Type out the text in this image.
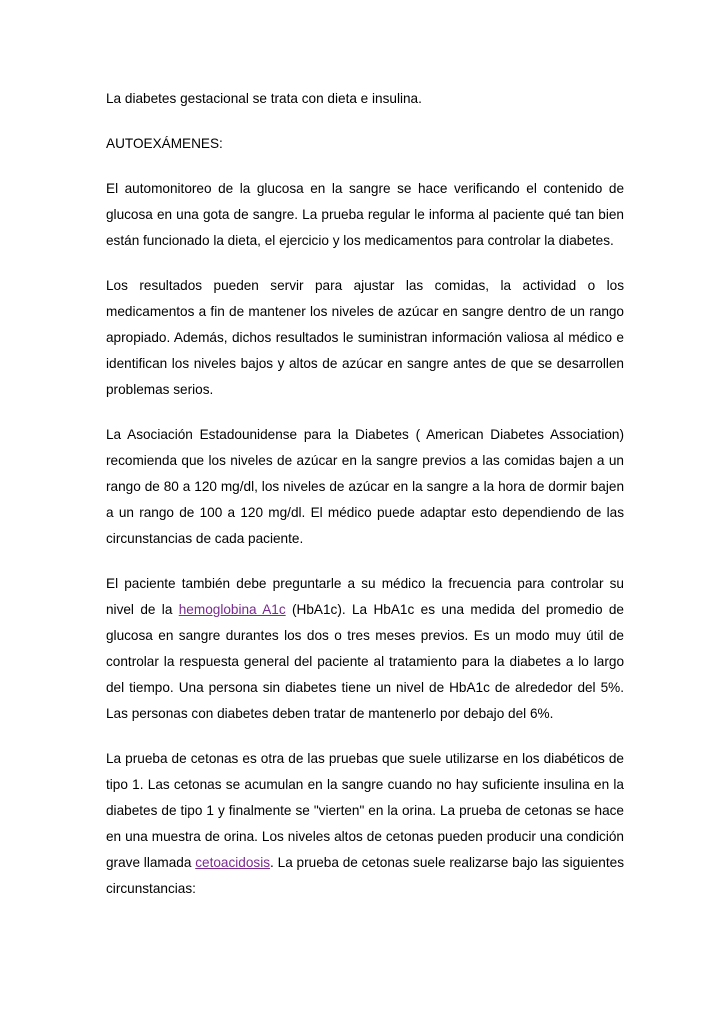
La diabetes gestacional se trata con dieta e insulina.

AUTOEXÁMENES:

El automonitoreo de la glucosa en la sangre se hace verificando el contenido de glucosa en una gota de sangre. La prueba regular le informa al paciente qué tan bien están funcionado la dieta, el ejercicio y los medicamentos para controlar la diabetes.

Los resultados pueden servir para ajustar las comidas, la actividad o los medicamentos a fin de mantener los niveles de azúcar en sangre dentro de un rango apropiado. Además, dichos resultados le suministran información valiosa al médico e identifican los niveles bajos y altos de azúcar en sangre antes de que se desarrollen problemas serios.

La Asociación Estadounidense para la Diabetes ( American Diabetes Association) recomienda que los niveles de azúcar en la sangre previos a las comidas bajen a un rango de 80 a 120 mg/dl, los niveles de azúcar en la sangre a la hora de dormir bajen a un rango de 100 a 120 mg/dl. El médico puede adaptar esto dependiendo de las circunstancias de cada paciente.

El paciente también debe preguntarle a su médico la frecuencia para controlar su nivel de la hemoglobina A1c (HbA1c). La HbA1c es una medida del promedio de glucosa en sangre durantes los dos o tres meses previos. Es un modo muy útil de controlar la respuesta general del paciente al tratamiento para la diabetes a lo largo del tiempo. Una persona sin diabetes tiene un nivel de HbA1c de alrededor del 5%. Las personas con diabetes deben tratar de mantenerlo por debajo del 6%.

La prueba de cetonas es otra de las pruebas que suele utilizarse en los diabéticos de tipo 1. Las cetonas se acumulan en la sangre cuando no hay suficiente insulina en la diabetes de tipo 1 y finalmente se "vierten" en la orina. La prueba de cetonas se hace en una muestra de orina. Los niveles altos de cetonas pueden producir una condición grave llamada cetoacidosis. La prueba de cetonas suele realizarse bajo las siguientes circunstancias:
